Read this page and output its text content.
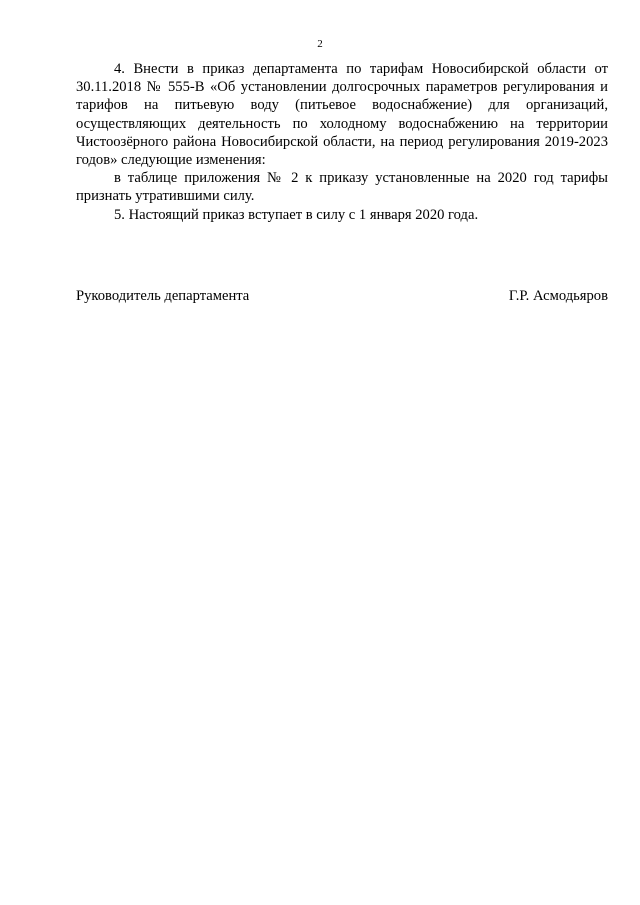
2

4. Внести в приказ департамента по тарифам Новосибирской области от 30.11.2018 № 555-В «Об установлении долгосрочных параметров регулирования и тарифов на питьевую воду (питьевое водоснабжение) для организаций, осуществляющих деятельность по холодному водоснабжению на территории Чистоозёрного района Новосибирской области, на период регулирования 2019-2023 годов» следующие изменения:

в таблице приложения № 2 к приказу установленные на 2020 год тарифы признать утратившими силу.

5. Настоящий приказ вступает в силу с 1 января 2020 года.

Руководитель департамента	Г.Р. Асмодьяров
